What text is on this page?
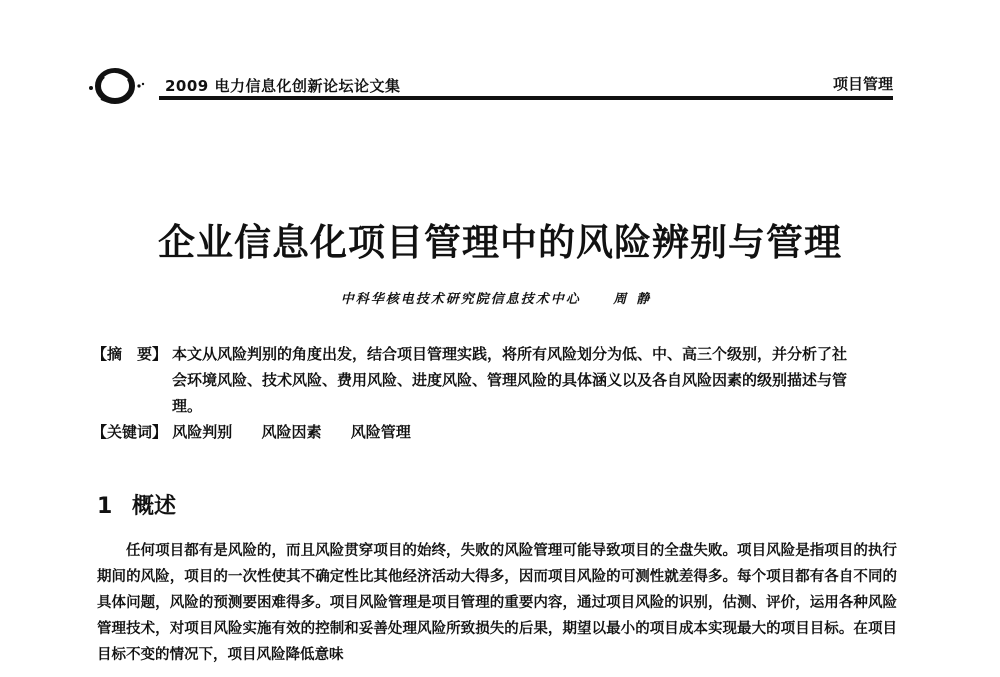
2009 电力信息化创新论坛论文集	项目管理
企业信息化项目管理中的风险辨别与管理
中科华核电技术研究院信息技术中心	周静
【摘　要】 本文从风险判别的角度出发，结合项目管理实践，将所有风险划分为低、中、高三个级别，并分析了社会环境风险、技术风险、费用风险、进度风险、管理风险的具体涵义以及各自风险因素的级别描述与管理。
【关键词】 风险判别 风险因素 风险管理
1 概述

任何项目都有是风险的，而且风险贯穿项目的始终，失败的风险管理可能导致项目的全盘失败。项目风险是指项目的执行期间的风险，项目的一次性使其不确定性比其他经济活动大得多，因而项目风险的可测性就差得多。每个项目都有各自不同的具体问题，风险的预测要困难得多。项目风险管理是项目管理的重要内容，通过项目风险的识别，估测、评价，运用各种风险管理技术，对项目风险实施有效的控制和妥善处理风险所致损失的后果，期望以最小的项目成本实现最大的项目目标。在项目目标不变的情况下，项目风险降低意味
